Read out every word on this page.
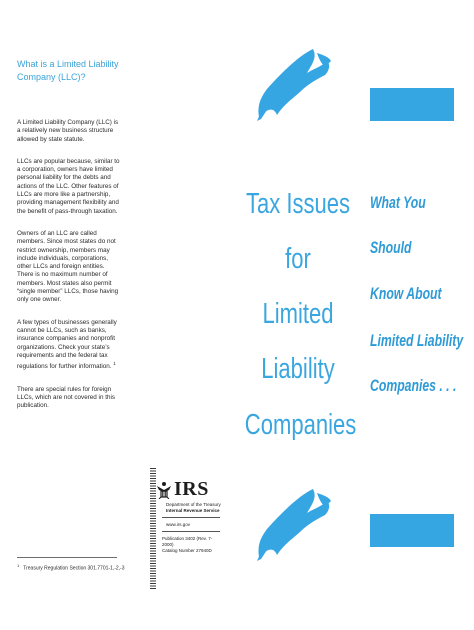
What is a Limited Liability Company (LLC)?

A Limited Liability Company (LLC) is a relatively new business structure allowed by state statute.

LLCs are popular because, similar to a corporation, owners have limited personal liability for the debts and actions of the LLC. Other features of LLCs are more like a partnership, providing management flexibility and the benefit of pass-through taxation.

Owners of an LLC are called members. Since most states do not restrict ownership, members may include individuals, corporations, other LLCs and foreign entities. There is no maximum number of members. Most states also permit “single member” LLCs, those having only one owner.

A few types of businesses generally cannot be LLCs, such as banks, insurance companies and nonprofit organizations. Check your state’s requirements and the federal tax regulations for further information. $^1$

There are special rules for foreign LLCs, which are not covered in this publication.

$^1$Treasury Regulation Section 301.7701-1,-2,-3
Tax Issues
for
Limited
Liability
Companies
IRS
Department of the Treasury
Internal Revenue Service
www.irs.gov
Publication 3402 (Rev. 7-2000)
Catalog Number 27940D
What You
Should
Know About
Limited Liability
Companies . . .
